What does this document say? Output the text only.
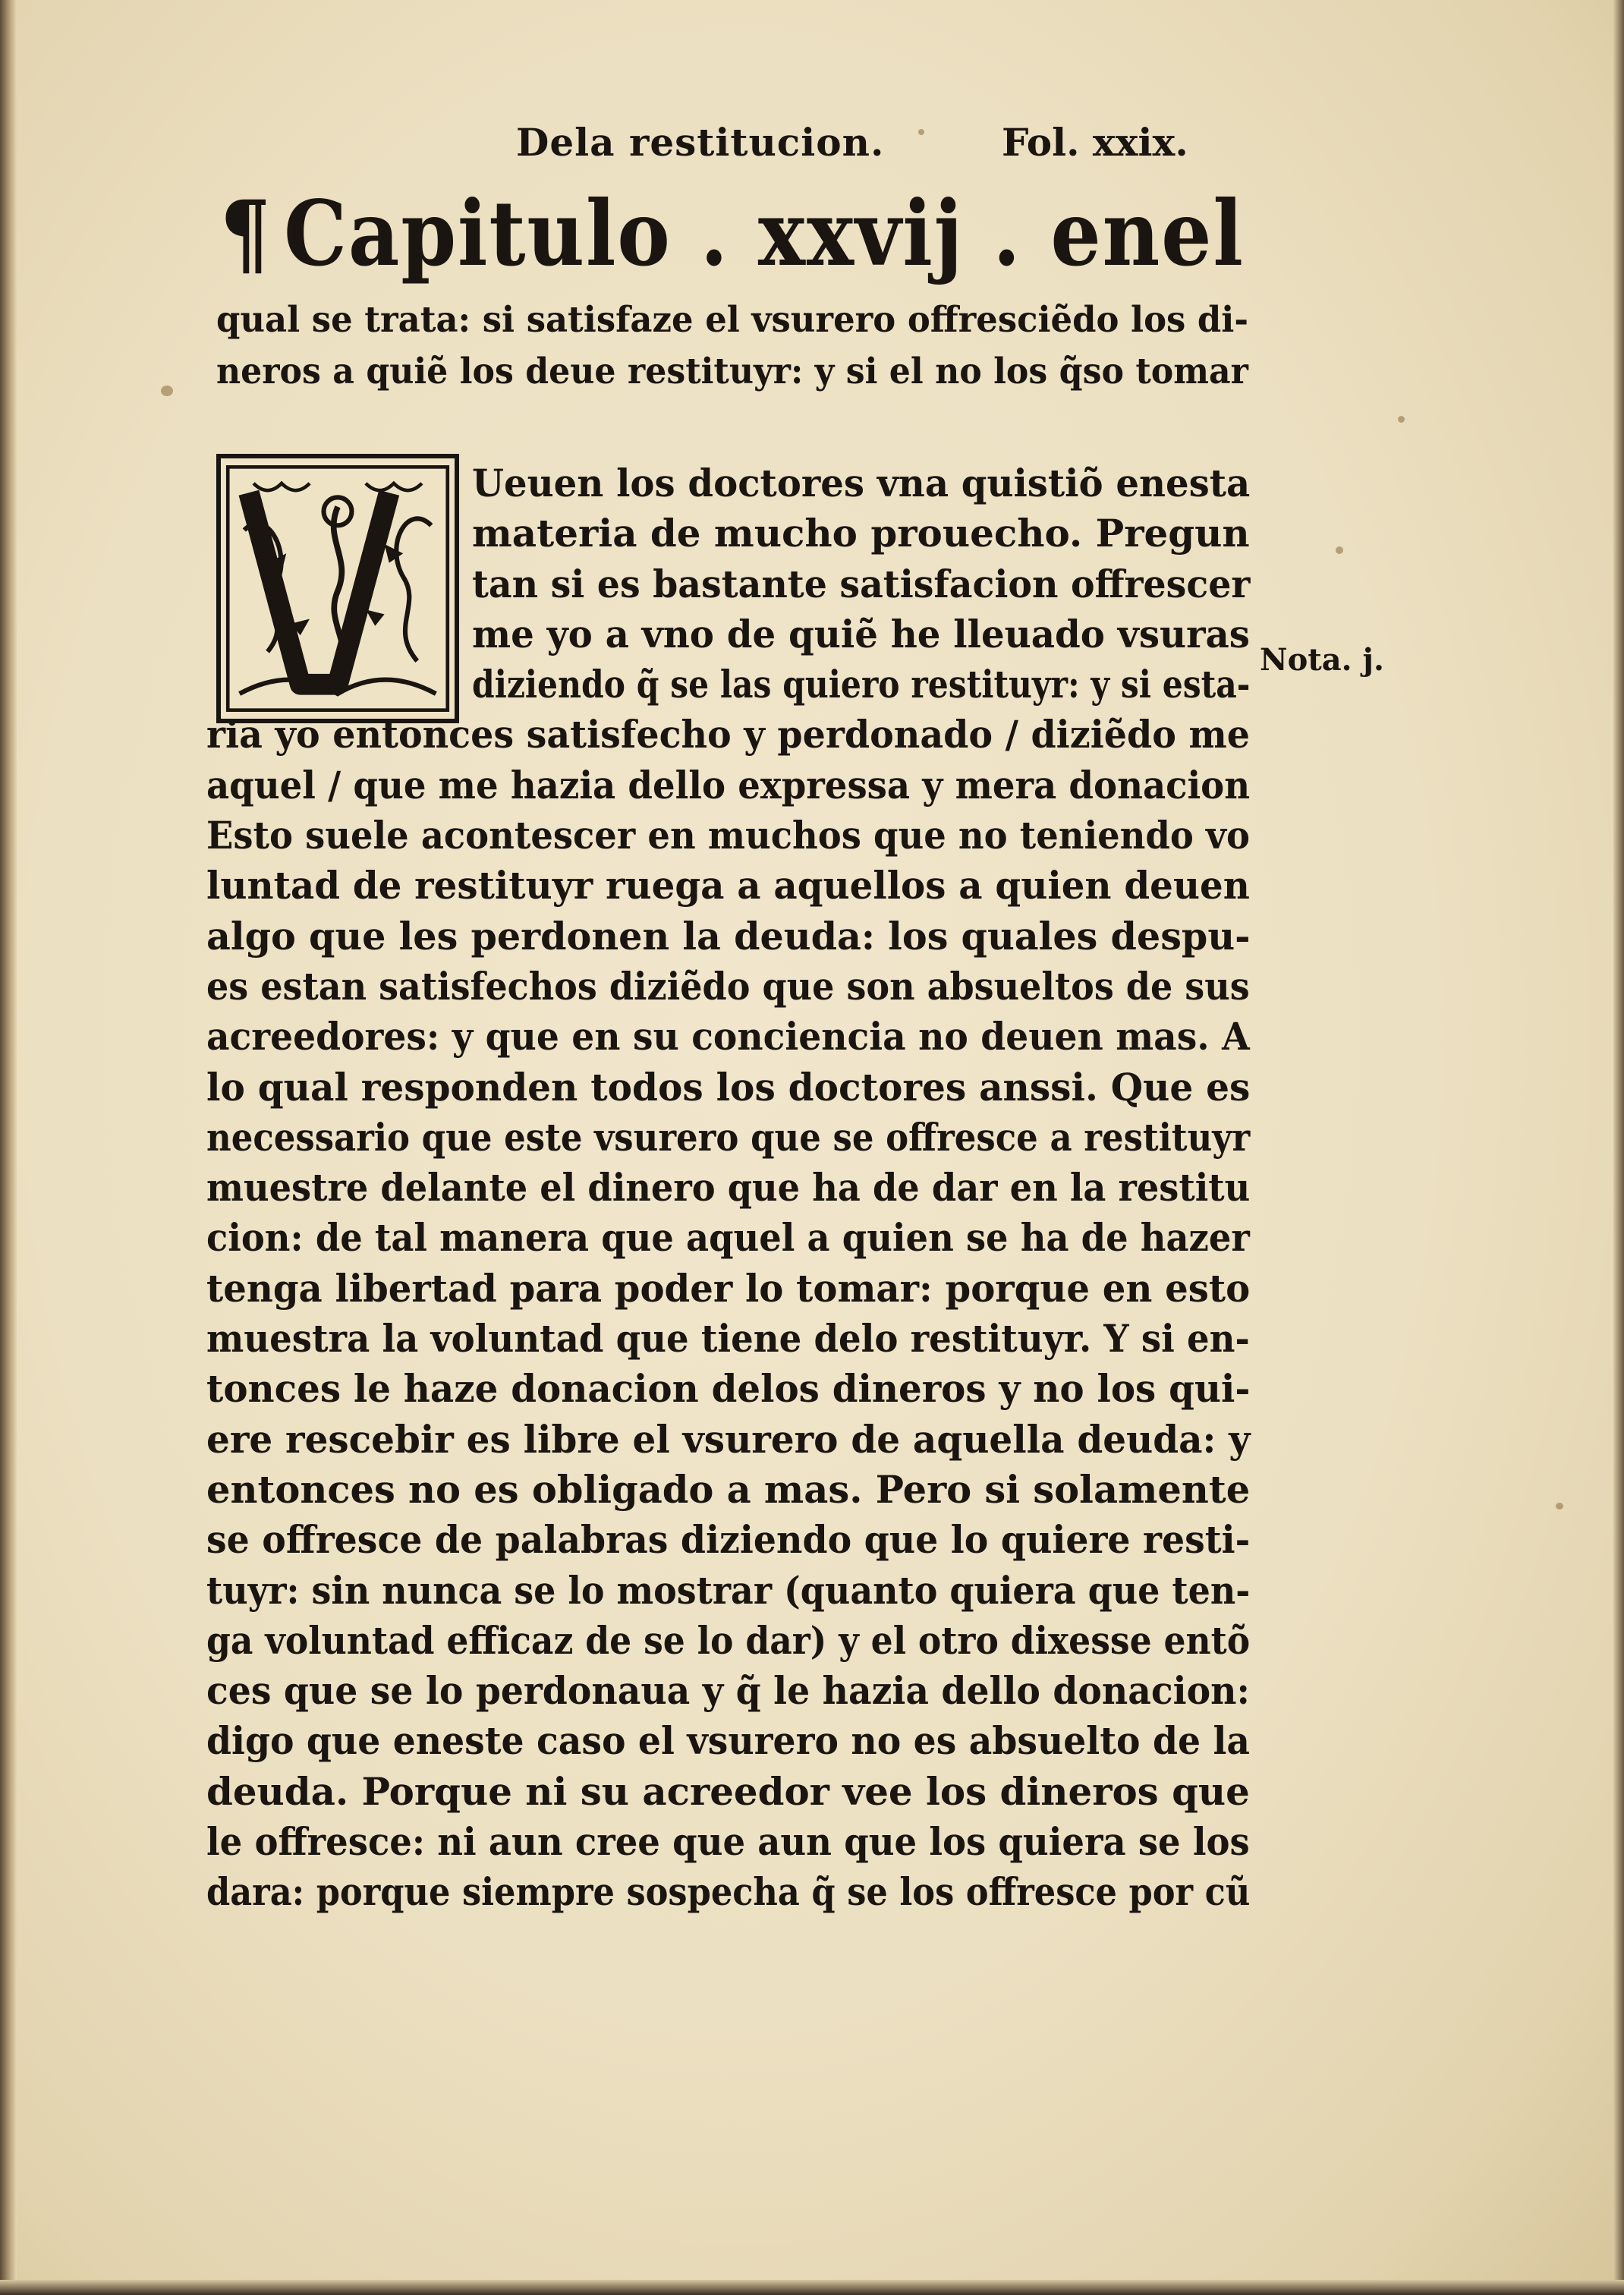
Dela restitucion.	Fol. xxix.
¶ Capitulo . xxvij . enel
qual se trata: si satisfaze el vsurero offresciẽdo los di-
neros a quiẽ los deue restituyr: y si el no los q̃so tomar
Ueuen los doctores vna quistiõ enesta
materia de mucho prouecho. Pregun
tan si es bastante satisfacion offrescer
me yo a vno de quiẽ he lleuado vsuras
diziendo q̃ se las quiero restituyr: y si esta-
ria yo entonces satisfecho y perdonado / diziẽdo me
aquel / que me hazia dello expressa y mera donacion
Esto suele acontescer en muchos que no teniendo vo
luntad de restituyr ruega a aquellos a quien deuen
algo que les perdonen la deuda: los quales despu-
es estan satisfechos diziẽdo que son absueltos de sus
acreedores: y que en su conciencia no deuen mas. A
lo qual responden todos los doctores anssi. Que es
necessario que este vsurero que se offresce a restituyr
muestre delante el dinero que ha de dar en la restitu
cion: de tal manera que aquel a quien se ha de hazer
tenga libertad para poder lo tomar: porque en esto
muestra la voluntad que tiene delo restituyr. Y si en-
tonces le haze donacion delos dineros y no los qui-
ere rescebir es libre el vsurero de aquella deuda: y
entonces no es obligado a mas. Pero si solamente
se offresce de palabras diziendo que lo quiere resti-
tuyr: sin nunca se lo mostrar (quanto quiera que ten-
ga voluntad efficaz de se lo dar) y el otro dixesse entõ
ces que se lo perdonaua y q̃ le hazia dello donacion:
digo que eneste caso el vsurero no es absuelto de la
deuda. Porque ni su acreedor vee los dineros que
le offresce: ni aun cree que aun que los quiera se los
dara: porque siempre sospecha q̃ se los offresce por cũ
Nota. j.
